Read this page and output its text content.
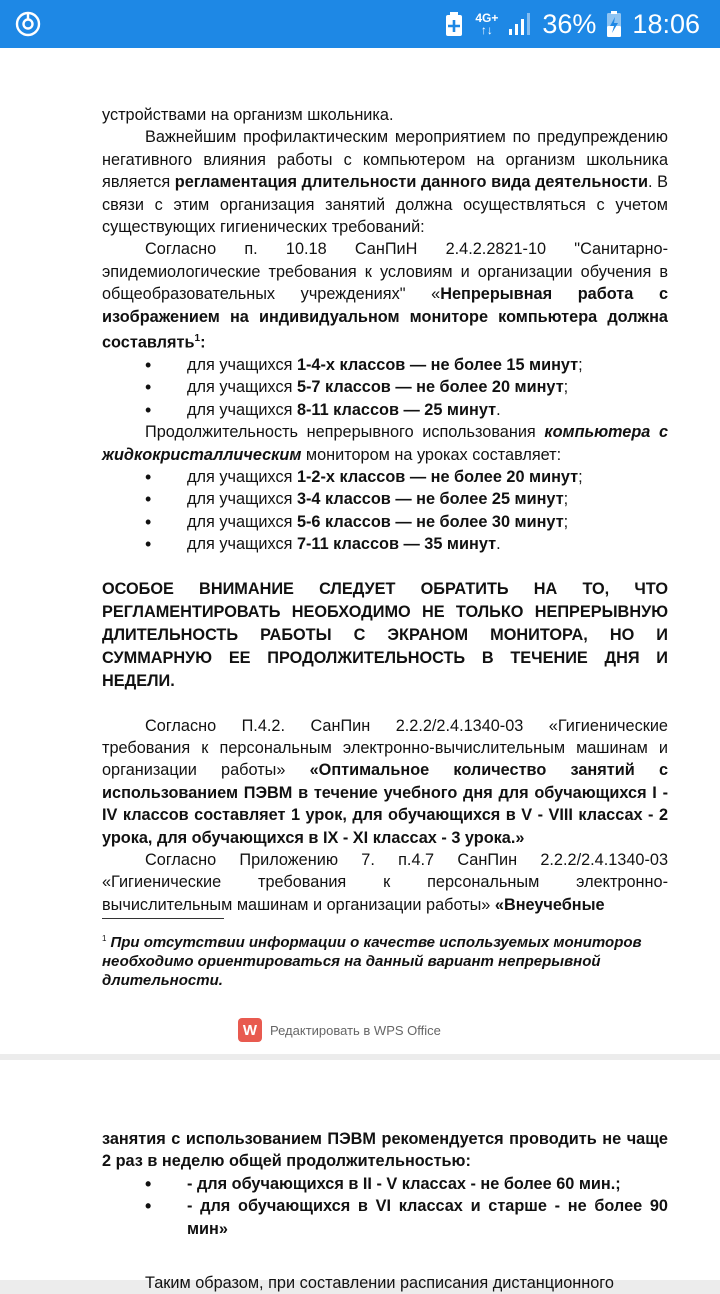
4G+
↑↓ 36% 18:06

устройствами на организм школьника.

Важнейшим профилактическим мероприятием по предупреждению негативного влияния работы с компьютером на организм школьника является регламентация длительности данного вида деятельности. В связи с этим организация занятий должна осуществляться с учетом существующих гигиенических требований:

Согласно п. 10.18 СанПиН 2.4.2.2821-10 "Санитарно-эпидемиологические требования к условиям и организации обучения в общеобразовательных учреждениях" «Непрерывная работа с изображением на индивидуальном мониторе компьютера должна составлять$^1$:

• для учащихся 1-4-х классов — не более 15 минут;
• для учащихся 5-7 классов — не более 20 минут;
• для учащихся 8-11 классов — 25 минут.

Продолжительность непрерывного использования компьютера с жидкокристаллическим монитором на уроках составляет:

• для учащихся 1-2-х классов — не более 20 минут;
• для учащихся 3-4 классов — не более 25 минут;
• для учащихся 5-6 классов — не более 30 минут;
• для учащихся 7-11 классов — 35 минут.

ОСОБОЕ ВНИМАНИЕ СЛЕДУЕТ ОБРАТИТЬ НА ТО, ЧТО РЕГЛАМЕНТИРОВАТЬ НЕОБХОДИМО НЕ ТОЛЬКО НЕПРЕРЫВНУЮ ДЛИТЕЛЬНОСТЬ РАБОТЫ С ЭКРАНОМ МОНИТОРА, НО И СУММАРНУЮ ЕЕ ПРОДОЛЖИТЕЛЬНОСТЬ В ТЕЧЕНИЕ ДНЯ И НЕДЕЛИ.

Согласно П.4.2. СанПин 2.2.2/2.4.1340-03 «Гигиенические требования к персональным электронно-вычислительным машинам и организации работы» «Оптимальное количество занятий с использованием ПЭВМ в течение учебного дня для обучающихся I - IV классов составляет 1 урок, для обучающихся в V - VIII классах - 2 урока, для обучающихся в IX - XI классах - 3 урока.»

Согласно Приложению 7. п.4.7 СанПин 2.2.2/2.4.1340-03 «Гигиенические требования к персональным электронно-вычислительным машинам и организации работы» «Внеучебные

$^1$ При отсутствии информации о качестве используемых мониторов необходимо ориентироваться на данный вариант непрерывной длительности.
W Редактировать в WPS Office

занятия с использованием ПЭВМ рекомендуется проводить не чаще 2 раз в неделю общей продолжительностью:

• - для обучающихся в II - V классах - не более 60 мин.;
• - для обучающихся в VI классах и старше - не более 90 мин»

Таким образом, при составлении расписания дистанционного
